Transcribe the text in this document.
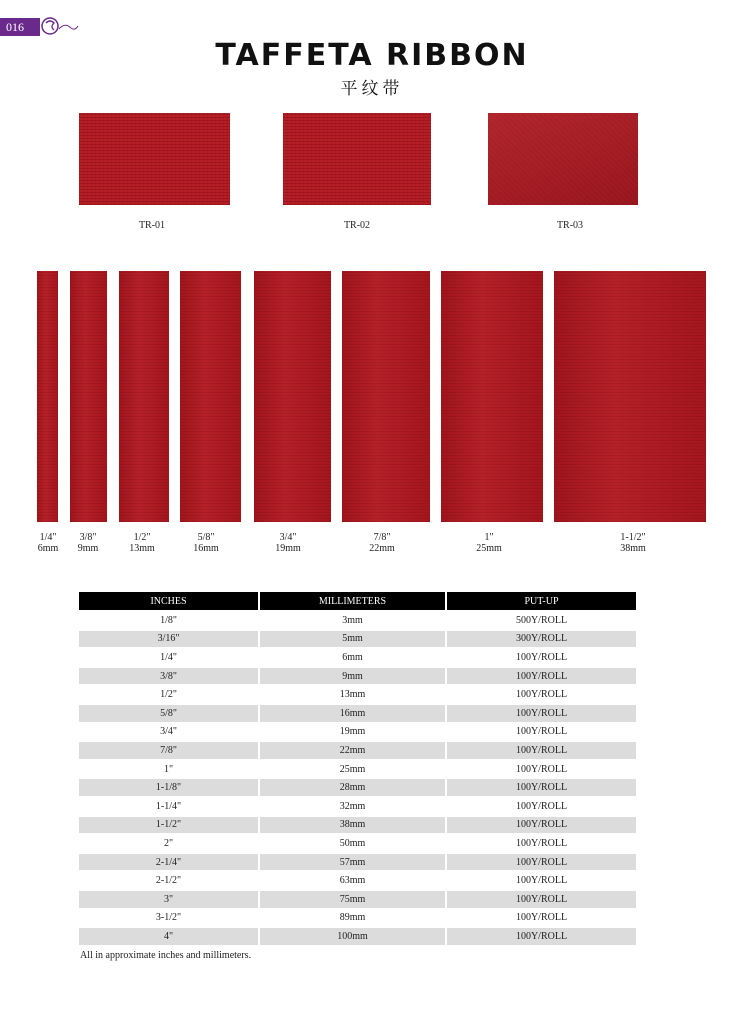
016
TAFFETA RIBBON
平纹带
TR-01	TR-02	TR-03
1/4"
6mm
3/8"
9mm
1/2"
13mm
5/8"
16mm
3/4"
19mm
7/8"
22mm
1"
25mm
1-1/2"
38mm
INCHES	MILLIMETERS	PUT-UP
1/8"	3mm	500Y/ROLL
3/16"	5mm	300Y/ROLL
1/4"	6mm	100Y/ROLL
3/8"	9mm	100Y/ROLL
1/2"	13mm	100Y/ROLL
5/8"	16mm	100Y/ROLL
3/4"	19mm	100Y/ROLL
7/8"	22mm	100Y/ROLL
1"	25mm	100Y/ROLL
1-1/8"	28mm	100Y/ROLL
1-1/4"	32mm	100Y/ROLL
1-1/2"	38mm	100Y/ROLL
2"	50mm	100Y/ROLL
2-1/4"	57mm	100Y/ROLL
2-1/2"	63mm	100Y/ROLL
3"	75mm	100Y/ROLL
3-1/2"	89mm	100Y/ROLL
4"	100mm	100Y/ROLL
All in approximate inches and millimeters.
